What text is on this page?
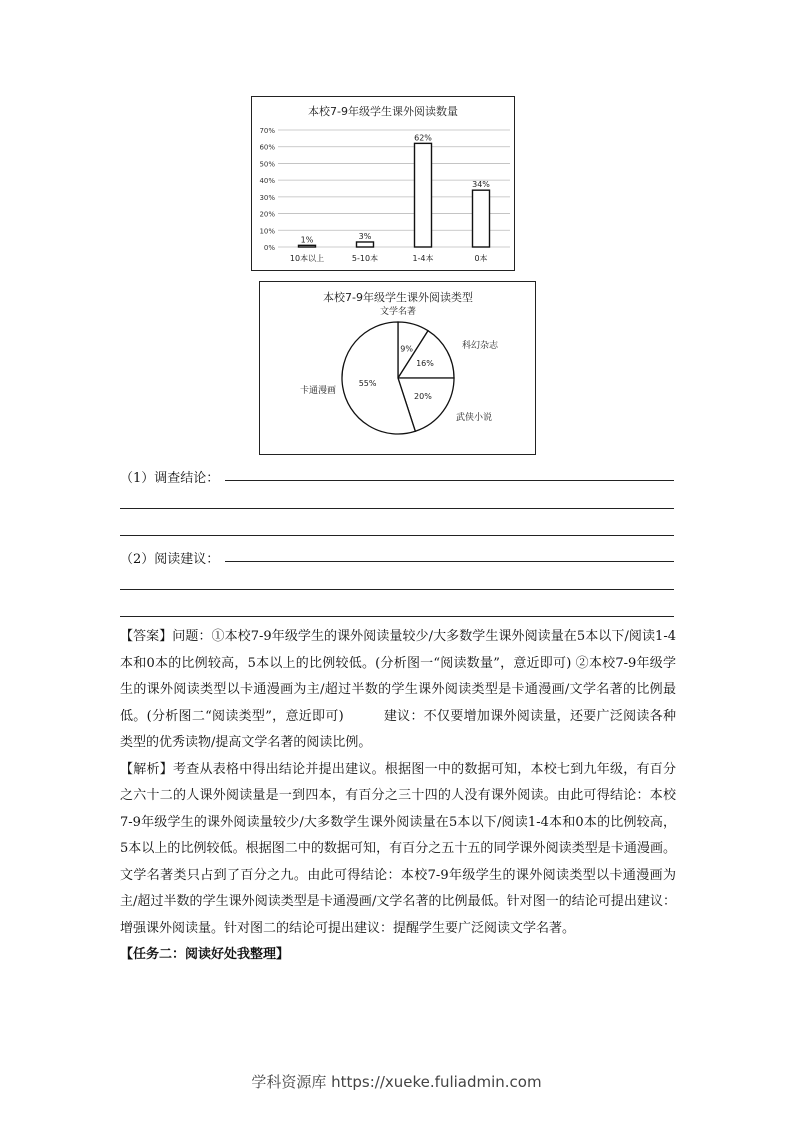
本校7-9年级学生课外阅读数量
0%
10%
20%
30%
40%
50%
60%
70%
1%
10本以上
3%
5-10本
62%
1-4本
34%
0本
本校7-9年级学生课外阅读类型
9%
文学名著
16%
科幻杂志
20%
武侠小说
55%
卡通漫画
（1）调查结论：
（2）阅读建议：

【答案】问题：①本校7-9年级学生的课外阅读量较少/大多数学生课外阅读量在5本以下/阅读1-4本和0本的比例较高，5本以上的比例较低。(分析图一“阅读数量”，意近即可) ②本校7-9年级学生的课外阅读类型以卡通漫画为主/超过半数的学生课外阅读类型是卡通漫画/文学名著的比例最低。(分析图二“阅读类型”，意近即可)　　　建议：不仅要增加课外阅读量，还要广泛阅读各种类型的优秀读物/提高文学名著的阅读比例。

【解析】考查从表格中得出结论并提出建议。根据图一中的数据可知，本校七到九年级，有百分之六十二的人课外阅读量是一到四本，有百分之三十四的人没有课外阅读。由此可得结论：本校7-9年级学生的课外阅读量较少/大多数学生课外阅读量在5本以下/阅读1-4本和0本的比例较高，5本以上的比例较低。根据图二中的数据可知，有百分之五十五的同学课外阅读类型是卡通漫画。文学名著类只占到了百分之九。由此可得结论：本校7-9年级学生的课外阅读类型以卡通漫画为主/超过半数的学生课外阅读类型是卡通漫画/文学名著的比例最低。针对图一的结论可提出建议：增强课外阅读量。针对图二的结论可提出建议：提醒学生要广泛阅读文学名著。

【任务二：阅读好处我整理】

学科资源库 https://xueke.fuliadmin.com
